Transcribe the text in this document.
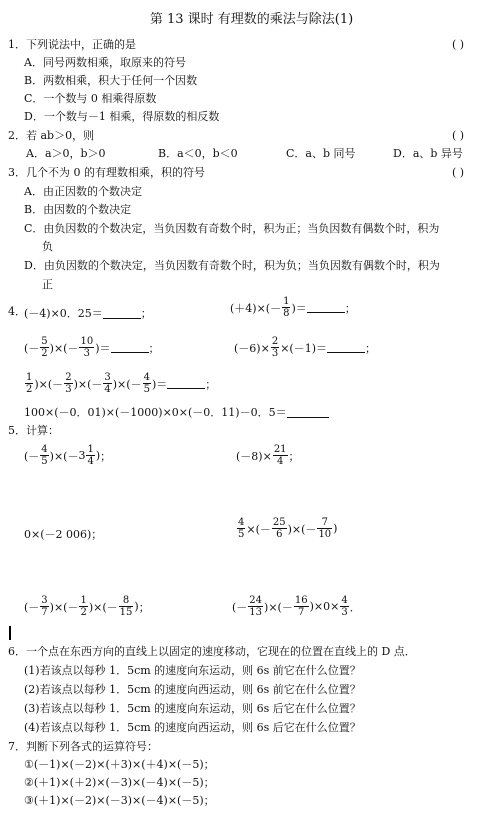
第 13 课时 有理数的乘法与除法(1)
1．下列说法中，正确的是	( )
A．同号两数相乘，取原来的符号
B．两数相乘，积大于任何一个因数
C．一个数与 0 相乘得原数
D．一个数与－1 相乘，得原数的相反数
2．若 ab＞0，则	( )
A．a＞0，b＞0	B．a＜0，b＜0	C．a、b 同号	D．a、b 异号
3．几个不为 0 的有理数相乘，积的符号	( )
A．由正因数的个数决定
B．由因数的个数决定
C．由负因数的个数决定，当负因数有奇数个时，积为正；当负因数有偶数个时，积为
负
D．由负因数的个数决定，当负因数有奇数个时，积为负；当负因数有偶数个时，积为
正
4．
(－4)×0．25＝	；	$(+4)\times(- \frac{1}{8}$ )＝	；
(－ $\frac{5}{2}$ )×(－ $\frac{10}{3}$ )＝	；	$(-6)\times \frac{2}{3} \times(-1)=$	；
$\frac{1}{2}$ )×(－ $\frac{2}{3}$ )×(－ $\frac{3}{4}$ )×(－ $\frac{4}{5}$ )＝	；
100×(－0．01)×(－1000)×0×(－0．11)－0．5＝
5．计算：
(－ $\frac{4}{5}$ )×(－ $3 \frac{1}{4}$ ) ；	$(-8)\times \frac{21}{4}$ ；
0×(－2 006)；	$\frac{4}{5}$ ×(－ $\frac{25}{6}$ )×(－ $\frac{7}{10}$ )
(－ $\frac{3}{7}$ )×(－ $\frac{1}{2}$ )×(－ $\frac{8}{15}$ ) ；	(－ $\frac{24}{13}$ )×(－ $\frac{16}{7}$ ) $\times 0\times \frac{4}{3}$ ．
6．一个点在东西方向的直线上以固定的速度移动，它现在的位置在直线上的 D 点．
(1)若该点以每秒 1．5cm 的速度向东运动，则 6s 前它在什么位置？
(2)若该点以每秒 1．5cm 的速度向西运动，则 6s 前它在什么位置？
(3)若该点以每秒 1．5cm 的速度向东运动，则 6s 后它在什么位置？
(4)若该点以每秒 1．5cm 的速度向西运动，则 6s 后它在什么位置？
7．判断下列各式的运算符号：
①(－1)×(－2)×(＋3)×(＋4)×(－5)；
②(＋1)×(＋2)×(－3)×(－4)×(－5)；
③(＋1)×(－2)×(－3)×(－4)×(－5)；
